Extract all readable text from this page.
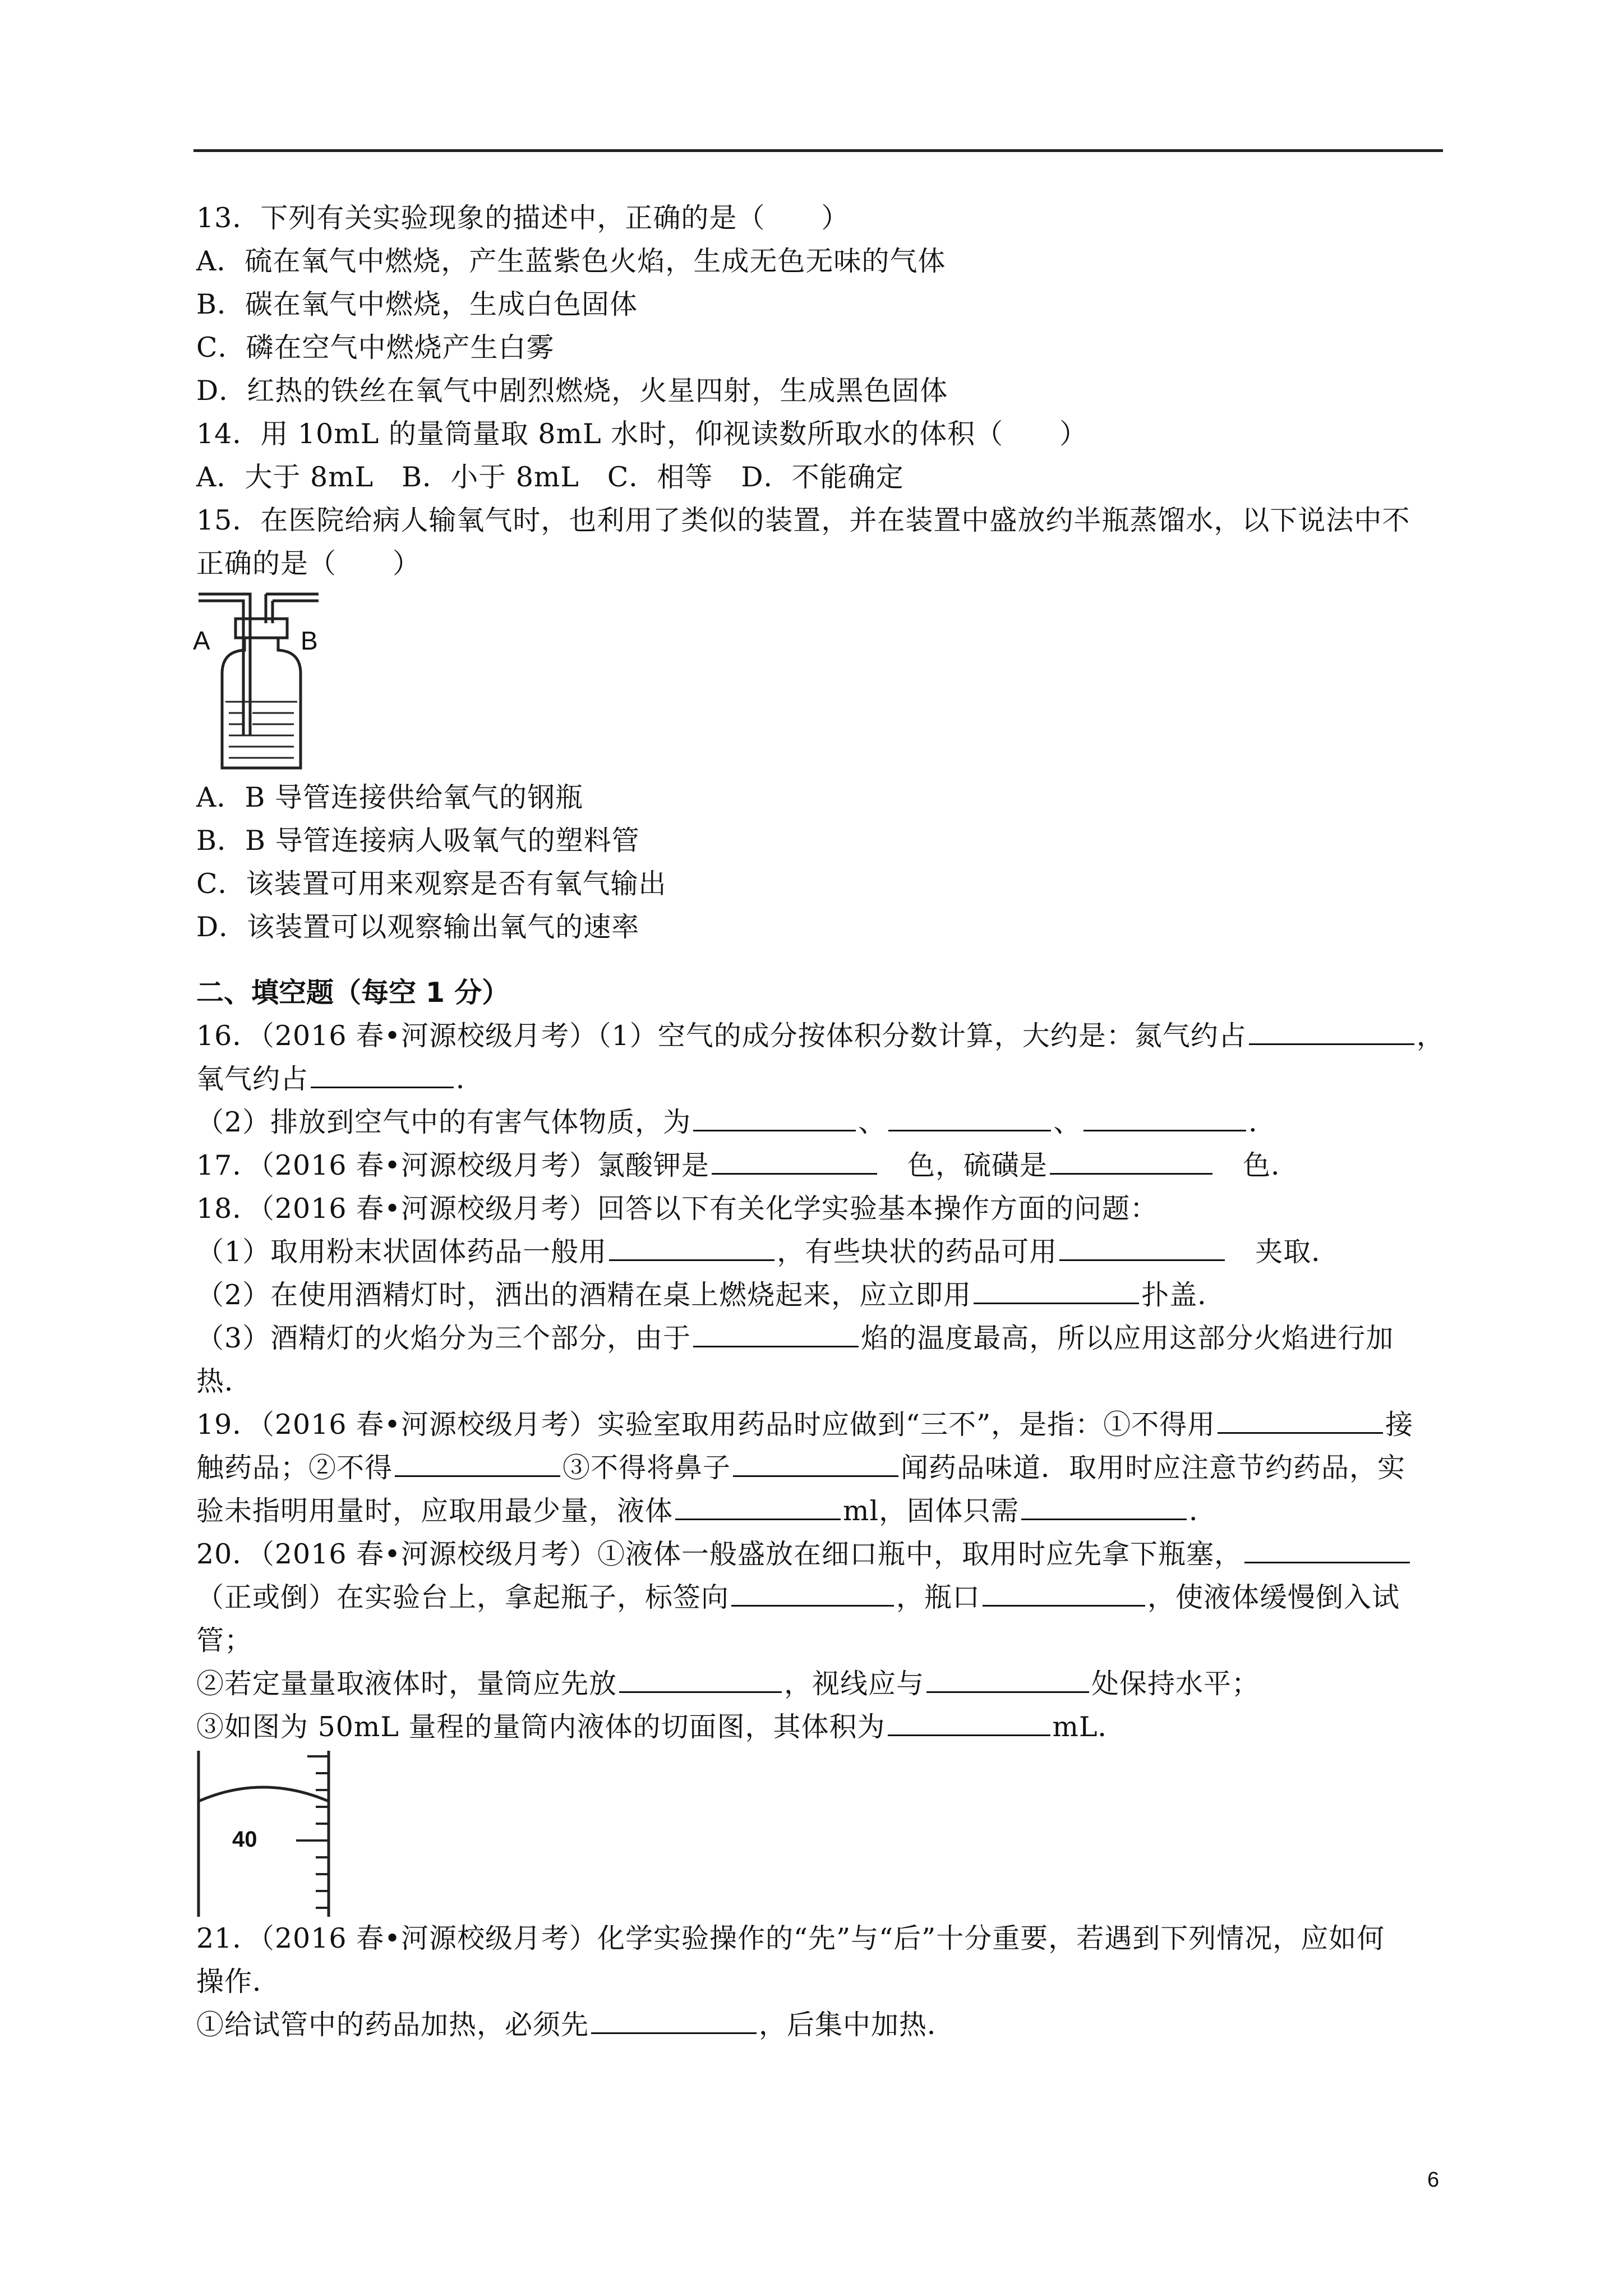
13．下列有关实验现象的描述中，正确的是（　　）
A．硫在氧气中燃烧，产生蓝紫色火焰，生成无色无味的气体
B．碳在氧气中燃烧，生成白色固体
C．磷在空气中燃烧产生白雾
D．红热的铁丝在氧气中剧烈燃烧，火星四射，生成黑色固体
14．用 10mL 的量筒量取 8mL 水时，仰视读数所取水的体积（　　）
A．大于 8mL　B．小于 8mL　C．相等　D．不能确定
15．在医院给病人输氧气时，也利用了类似的装置，并在装置中盛放约半瓶蒸馏水，以下说法中不
正确的是（　　）
A	B
A．B 导管连接供给氧气的钢瓶
B．B 导管连接病人吸氧气的塑料管
C．该装置可用来观察是否有氧气输出
D．该装置可以观察输出氧气的速率
二、填空题（每空 1 分）
16．（2016 春•河源校级月考）（1）空气的成分按体积分数计算，大约是：氮气约占	，
氧气约占	．
（2）排放到空气中的有害气体物质，为	、	、	．
17．（2016 春•河源校级月考）氯酸钾是　	色，硫磺是　	色．
18．（2016 春•河源校级月考）回答以下有关化学实验基本操作方面的问题：
（1）取用粉末状固体药品一般用	，有些块状的药品可用　	夹取．
（2）在使用酒精灯时，洒出的酒精在桌上燃烧起来，应立即用	扑盖．
（3）酒精灯的火焰分为三个部分，由于	焰的温度最高，所以应用这部分火焰进行加
热．
19．（2016 春•河源校级月考）实验室取用药品时应做到“三不”，是指：①不得用	接
触药品；②不得	③不得将鼻子	闻药品味道．取用时应注意节约药品，实
验未指明用量时，应取用最少量，液体	ml，固体只需	．
20．（2016 春•河源校级月考）①液体一般盛放在细口瓶中，取用时应先拿下瓶塞，
（正或倒）在实验台上，拿起瓶子，标签向	，瓶口	，使液体缓慢倒入试
管；
②若定量量取液体时，量筒应先放	，视线应与	处保持水平；
③如图为 50mL 量程的量筒内液体的切面图，其体积为	mL．
40
21．（2016 春•河源校级月考）化学实验操作的“先”与“后”十分重要，若遇到下列情况，应如何
操作．
①给试管中的药品加热，必须先	，后集中加热．
6
